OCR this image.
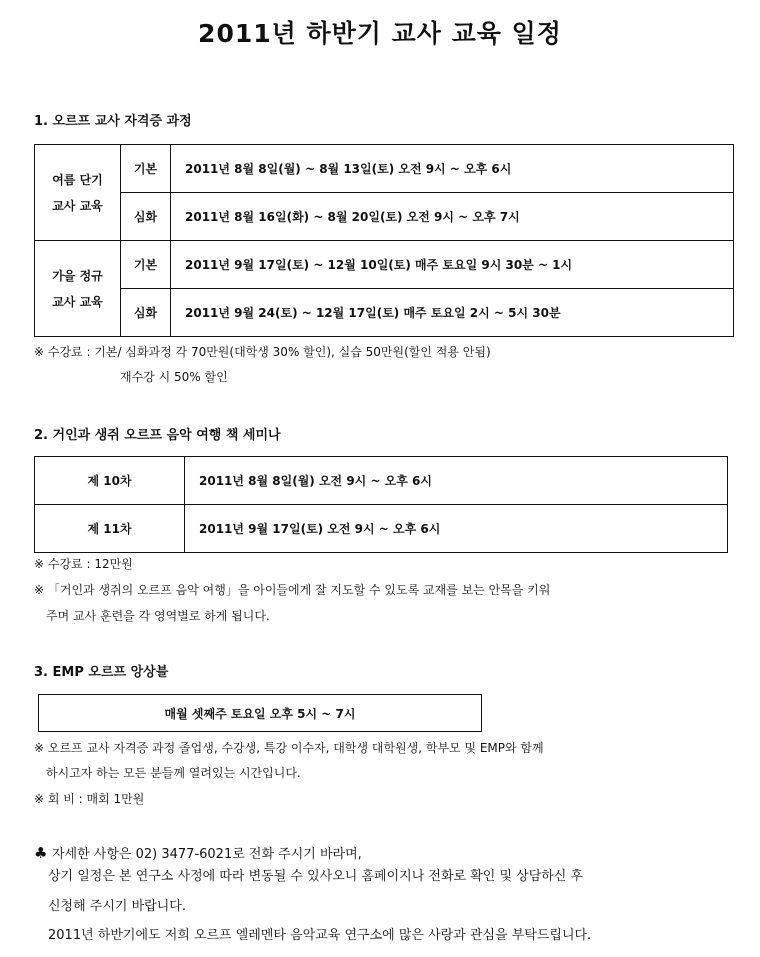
2011년 하반기 교사 교육 일정
1. 오르프 교사 자격증 과정
여름 단기
교사 교육	기본	2011년 8월 8일(월) ~ 8월 13일(토) 오전 9시 ~ 오후 6시
	심화	2011년 8월 16일(화) ~ 8월 20일(토) 오전 9시 ~ 오후 7시
가을 정규
교사 교육	기본	2011년 9월 17일(토) ~ 12월 10일(토) 매주 토요일 9시 30분 ~ 1시
	심화	2011년 9월 24(토) ~ 12월 17일(토) 매주 토요일 2시 ~ 5시 30분
※ 수강료 : 기본/ 심화과정 각 70만원(대학생 30% 할인), 실습 50만원(할인 적용 안됨)
재수강 시 50% 할인
2. 거인과 생쥐 오르프 음악 여행 책 세미나
제 10차	2011년 8월 8일(월) 오전 9시 ~ 오후 6시
제 11차	2011년 9월 17일(토) 오전 9시 ~ 오후 6시
※ 수강료 : 12만원
※ 「거인과 생쥐의 오르프 음악 여행」을 아이들에게 잘 지도할 수 있도록 교재를 보는 안목을 키워
주며 교사 훈련을 각 영역별로 하게 됩니다.
3. EMP 오르프 앙상블
매월 셋째주 토요일 오후 5시 ~ 7시
※ 오르프 교사 자격증 과정 졸업생, 수강생, 특강 이수자, 대학생 대학원생, 학부모 및 EMP와 함께
하시고자 하는 모든 분들께 열려있는 시간입니다.
※ 회 비 : 매회 1만원
♣ 자세한 사항은 02) 3477-6021로 전화 주시기 바라며,
상기 일정은 본 연구소 사정에 따라 변동될 수 있사오니 홈페이지나 전화로 확인 및 상담하신 후
신청해 주시기 바랍니다.
2011년 하반기에도 저희 오르프 엘레멘타 음악교육 연구소에 많은 사랑과 관심을 부탁드립니다.
